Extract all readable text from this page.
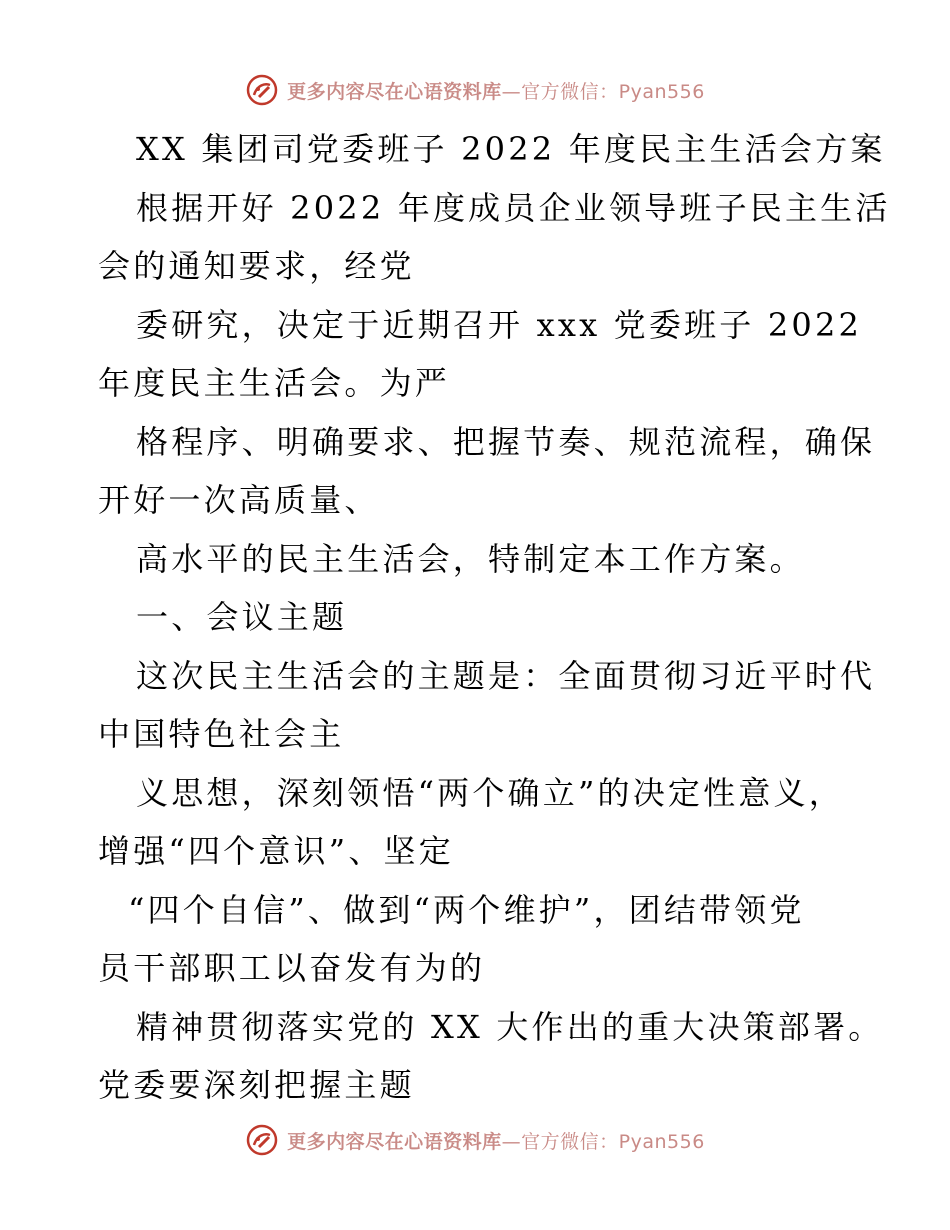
更多内容尽在心语资料库—官方微信：Pyan556
XX 集团司党委班子 2022 年度民主生活会方案
根据开好 2022 年度成员企业领导班子民主生活
会的通知要求，经党
委研究，决定于近期召开 xxx 党委班子 2022
年度民主生活会。为严
格程序、明确要求、把握节奏、规范流程，确保
开好一次高质量、
高水平的民主生活会，特制定本工作方案。
一、会议主题
这次民主生活会的主题是：全面贯彻习近平时代
中国特色社会主
义思想，深刻领悟“两个确立”的决定性意义，
增强“四个意识”、坚定
“四个自信”、做到“两个维护”，团结带领党
员干部职工以奋发有为的
精神贯彻落实党的 XX 大作出的重大决策部署。
党委要深刻把握主题
更多内容尽在心语资料库—官方微信：Pyan556
